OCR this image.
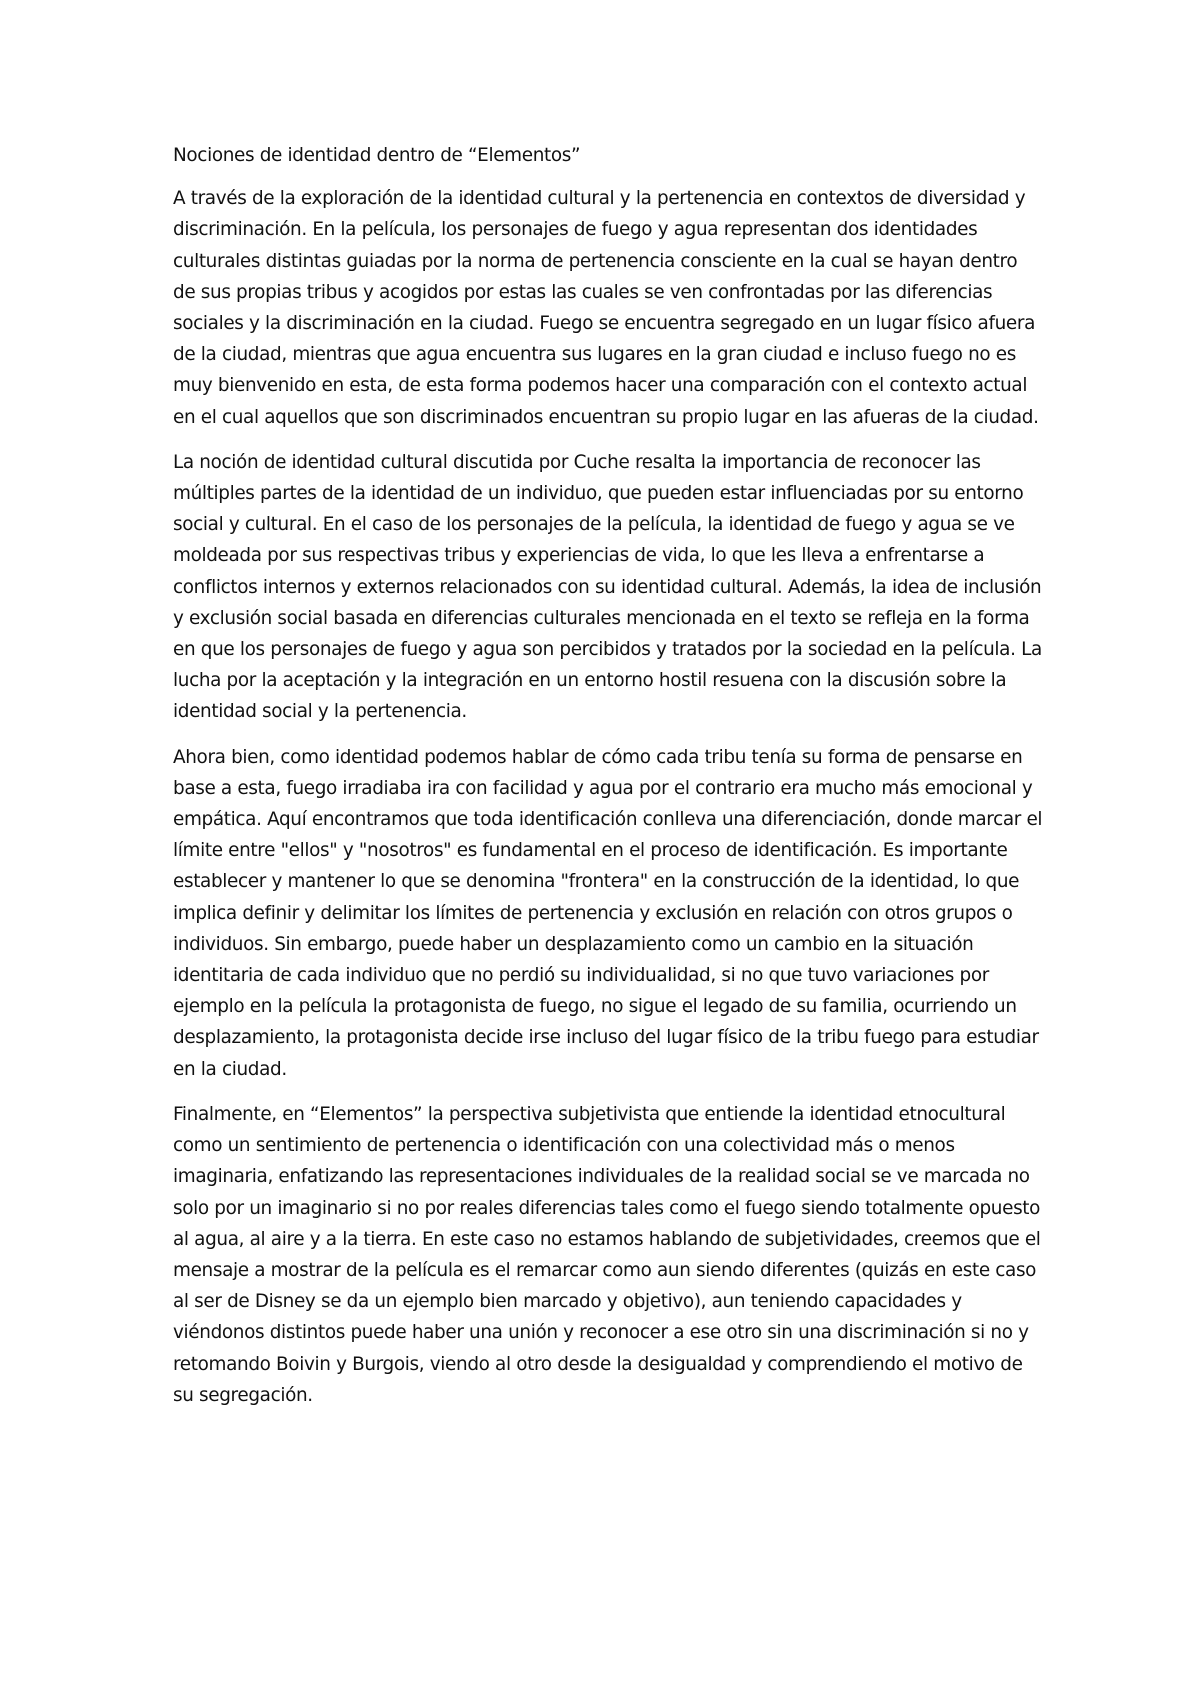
Nociones de identidad dentro de “Elementos”

A través de la exploración de la identidad cultural y la pertenencia en contextos de diversidad y discriminación. En la película, los personajes de fuego y agua representan dos identidades culturales distintas guiadas por la norma de pertenencia consciente en la cual se hayan dentro de sus propias tribus y acogidos por estas las cuales se ven confrontadas por las diferencias sociales y la discriminación en la ciudad. Fuego se encuentra segregado en un lugar físico afuera de la ciudad, mientras que agua encuentra sus lugares en la gran ciudad e incluso fuego no es muy bienvenido en esta, de esta forma podemos hacer una comparación con el contexto actual en el cual aquellos que son discriminados encuentran su propio lugar en las afueras de la ciudad.

La noción de identidad cultural discutida por Cuche resalta la importancia de reconocer las múltiples partes de la identidad de un individuo, que pueden estar influenciadas por su entorno social y cultural. En el caso de los personajes de la película, la identidad de fuego y agua se ve moldeada por sus respectivas tribus y experiencias de vida, lo que les lleva a enfrentarse a conflictos internos y externos relacionados con su identidad cultural. Además, la idea de inclusión y exclusión social basada en diferencias culturales mencionada en el texto se refleja en la forma en que los personajes de fuego y agua son percibidos y tratados por la sociedad en la película. La lucha por la aceptación y la integración en un entorno hostil resuena con la discusión sobre la identidad social y la pertenencia.

Ahora bien, como identidad podemos hablar de cómo cada tribu tenía su forma de pensarse en base a esta, fuego irradiaba ira con facilidad y agua por el contrario era mucho más emocional y empática. Aquí encontramos que toda identificación conlleva una diferenciación, donde marcar el límite entre "ellos" y "nosotros" es fundamental en el proceso de identificación. Es importante establecer y mantener lo que se denomina "frontera" en la construcción de la identidad, lo que implica definir y delimitar los límites de pertenencia y exclusión en relación con otros grupos o individuos. Sin embargo, puede haber un desplazamiento como un cambio en la situación identitaria de cada individuo que no perdió su individualidad, si no que tuvo variaciones por ejemplo en la película la protagonista de fuego, no sigue el legado de su familia, ocurriendo un desplazamiento, la protagonista decide irse incluso del lugar físico de la tribu fuego para estudiar en la ciudad.

Finalmente, en “Elementos” la perspectiva subjetivista que entiende la identidad etnocultural como un sentimiento de pertenencia o identificación con una colectividad más o menos imaginaria, enfatizando las representaciones individuales de la realidad social se ve marcada no solo por un imaginario si no por reales diferencias tales como el fuego siendo totalmente opuesto al agua, al aire y a la tierra. En este caso no estamos hablando de subjetividades, creemos que el mensaje a mostrar de la película es el remarcar como aun siendo diferentes (quizás en este caso al ser de Disney se da un ejemplo bien marcado y objetivo), aun teniendo capacidades y viéndonos distintos puede haber una unión y reconocer a ese otro sin una discriminación si no y retomando Boivin y Burgois, viendo al otro desde la desigualdad y comprendiendo el motivo de su segregación.
